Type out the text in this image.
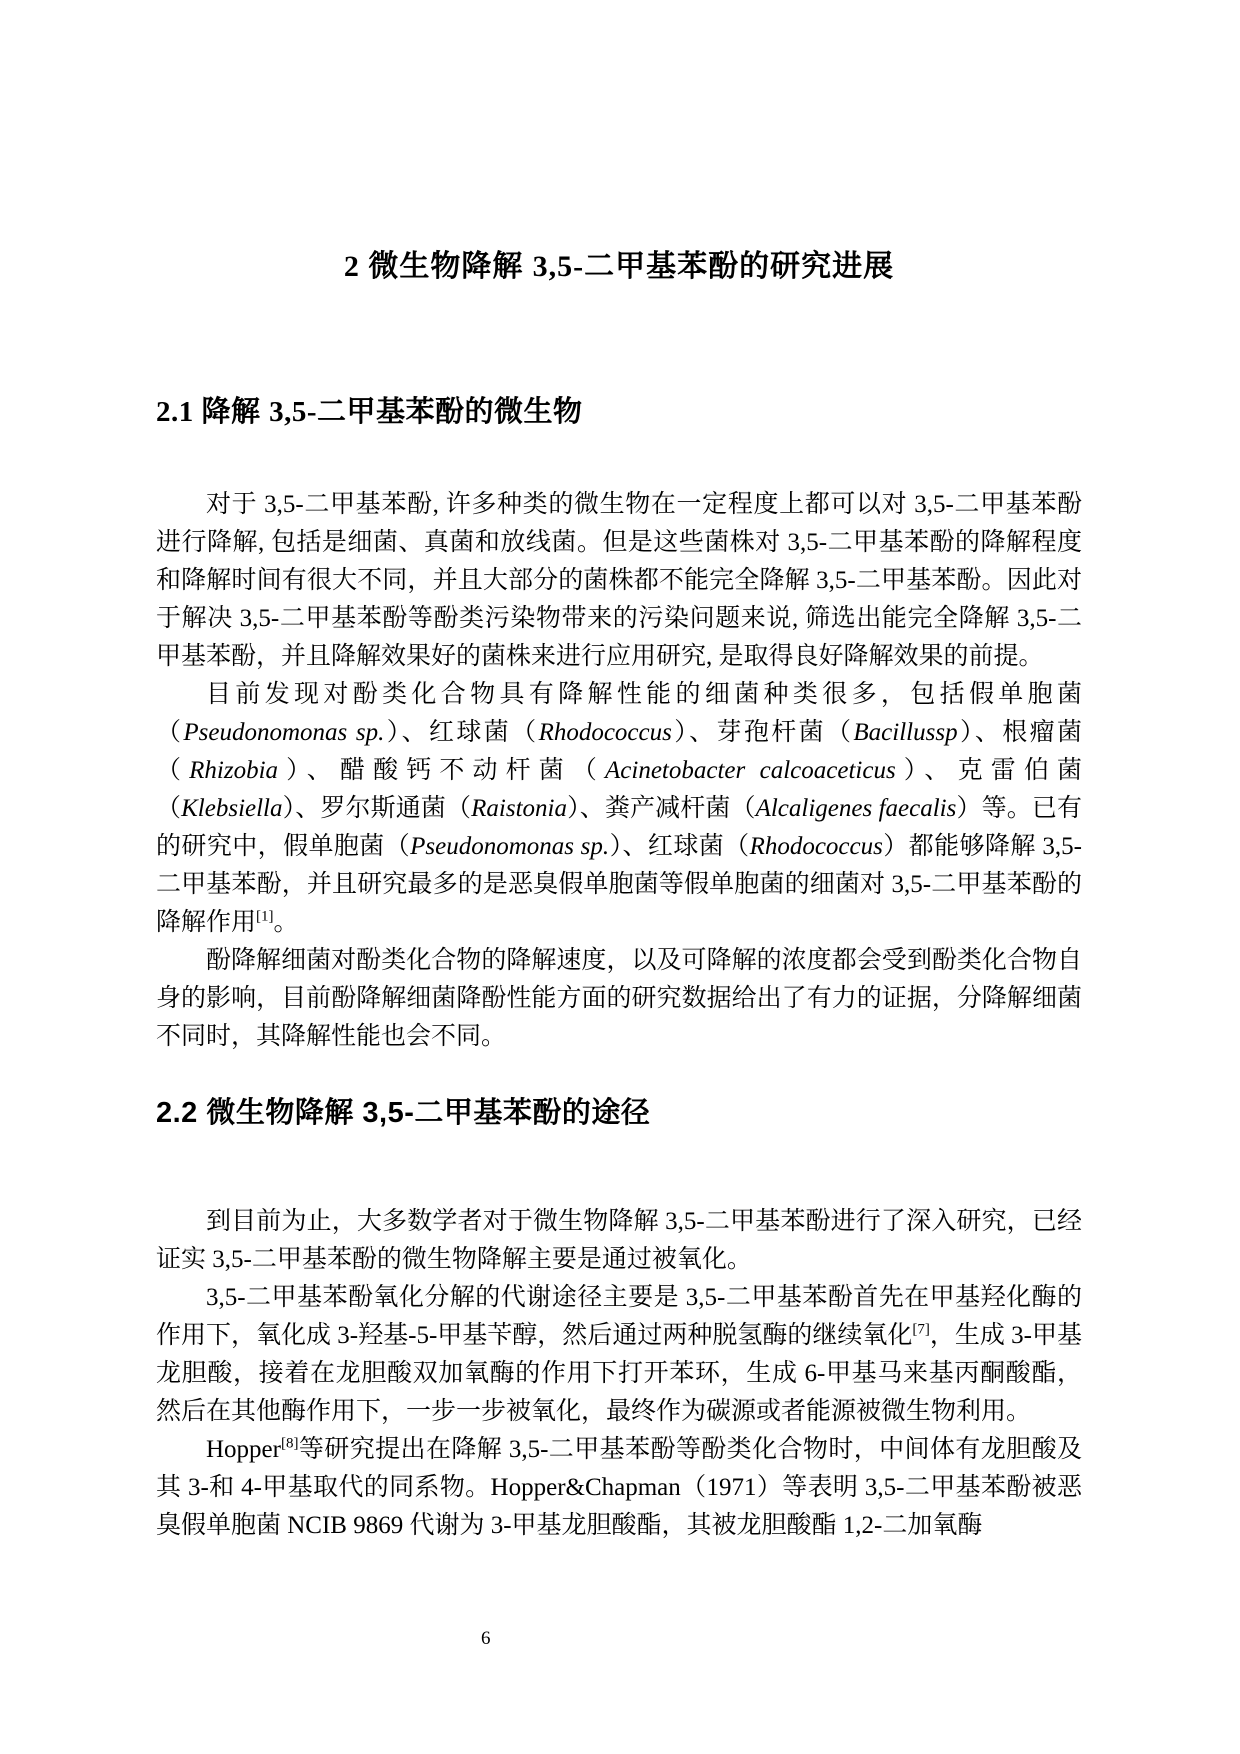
2 微生物降解 3,5-二甲基苯酚的研究进展
2.1 降解 3,5-二甲基苯酚的微生物

对于 3,5-二甲基苯酚, 许多种类的微生物在一定程度上都可以对 3,5-二甲基苯酚进行降解, 包括是细菌、真菌和放线菌。但是这些菌株对 3,5-二甲基苯酚的降解程度和降解时间有很大不同，并且大部分的菌株都不能完全降解 3,5-二甲基苯酚。因此对于解决 3,5-二甲基苯酚等酚类污染物带来的污染问题来说, 筛选出能完全降解 3,5-二甲基苯酚，并且降解效果好的菌株来进行应用研究, 是取得良好降解效果的前提。

目前发现对酚类化合物具有降解性能的细菌种类很多，包括假单胞菌（Pseudonomonas sp.）、红球菌（Rhodococcus）、芽孢杆菌（Bacillussp）、根瘤菌（Rhizobia）、醋酸钙不动杆菌（Acinetobacter calcoaceticus）、克雷伯菌（Klebsiella）、罗尔斯通菌（Raistonia）、粪产减杆菌（Alcaligenes faecalis）等。已有的研究中，假单胞菌（Pseudonomonas sp.）、红球菌（Rhodococcus）都能够降解 3,5-二甲基苯酚，并且研究最多的是恶臭假单胞菌等假单胞菌的细菌对 3,5-二甲基苯酚的降解作用[1]。

酚降解细菌对酚类化合物的降解速度，以及可降解的浓度都会受到酚类化合物自身的影响，目前酚降解细菌降酚性能方面的研究数据给出了有力的证据，分降解细菌不同时，其降解性能也会不同。

2.2 微生物降解 3,5-二甲基苯酚的途径

到目前为止，大多数学者对于微生物降解 3,5-二甲基苯酚进行了深入研究，已经证实 3,5-二甲基苯酚的微生物降解主要是通过被氧化。

3,5-二甲基苯酚氧化分解的代谢途径主要是 3,5-二甲基苯酚首先在甲基羟化酶的作用下，氧化成 3-羟基-5-甲基苄醇，然后通过两种脱氢酶的继续氧化[7]，生成 3-甲基龙胆酸，接着在龙胆酸双加氧酶的作用下打开苯环，生成 6-甲基马来基丙酮酸酯，然后在其他酶作用下，一步一步被氧化，最终作为碳源或者能源被微生物利用。

Hopper[8]等研究提出在降解 3,5-二甲基苯酚等酚类化合物时，中间体有龙胆酸及其 3-和 4-甲基取代的同系物。Hopper&Chapman（1971）等表明 3,5-二甲基苯酚被恶臭假单胞菌 NCIB 9869 代谢为 3-甲基龙胆酸酯，其被龙胆酸酯 1,2-二加氧酶

6
